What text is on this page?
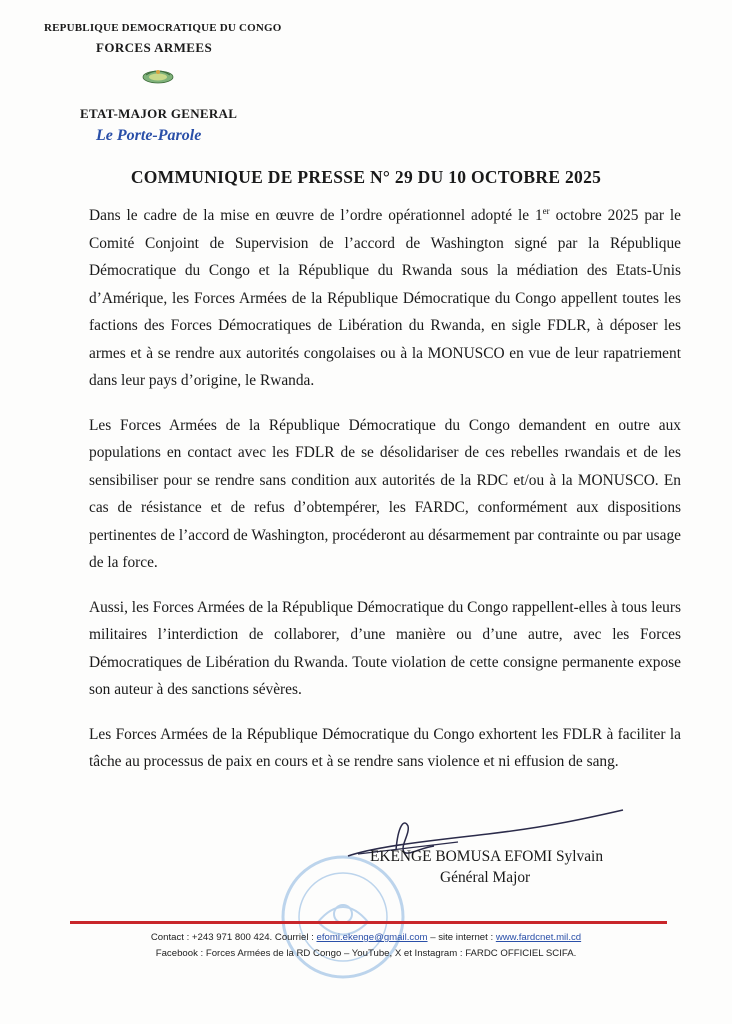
REPUBLIQUE DEMOCRATIQUE DU CONGO
FORCES ARMEES
ETAT-MAJOR GENERAL
Le Porte-Parole
COMMUNIQUE DE PRESSE N° 29 DU 10 OCTOBRE 2025

Dans le cadre de la mise en œuvre de l’ordre opérationnel adopté le 1er octobre 2025 par le Comité Conjoint de Supervision de l’accord de Washington signé par la République Démocratique du Congo et la République du Rwanda sous la médiation des Etats-Unis d’Amérique, les Forces Armées de la République Démocratique du Congo appellent toutes les factions des Forces Démocratiques de Libération du Rwanda, en sigle FDLR, à déposer les armes et à se rendre aux autorités congolaises ou à la MONUSCO en vue de leur rapatriement dans leur pays d’origine, le Rwanda.

Les Forces Armées de la République Démocratique du Congo demandent en outre aux populations en contact avec les FDLR de se désolidariser de ces rebelles rwandais et de les sensibiliser pour se rendre sans condition aux autorités de la RDC et/ou à la MONUSCO. En cas de résistance et de refus d’obtempérer, les FARDC, conformément aux dispositions pertinentes de l’accord de Washington, procéderont au désarmement par contrainte ou par usage de la force.

Aussi, les Forces Armées de la République Démocratique du Congo rappellent-elles à tous leurs militaires l’interdiction de collaborer, d’une manière ou d’une autre, avec les Forces Démocratiques de Libération du Rwanda. Toute violation de cette consigne permanente expose son auteur à des sanctions sévères.

Les Forces Armées de la République Démocratique du Congo exhortent les FDLR à faciliter la tâche au processus de paix en cours et à se rendre sans violence et ni effusion de sang.

EKENGE BOMUSA EFOMI Sylvain
Général Major
Contact : +243 971 800 424. Courriel : efomi.ekenge@gmail.com – site internet : www.fardcnet.mil.cd
Facebook : Forces Armées de la RD Congo – YouTube, X et Instagram : FARDC OFFICIEL SCIFA.
